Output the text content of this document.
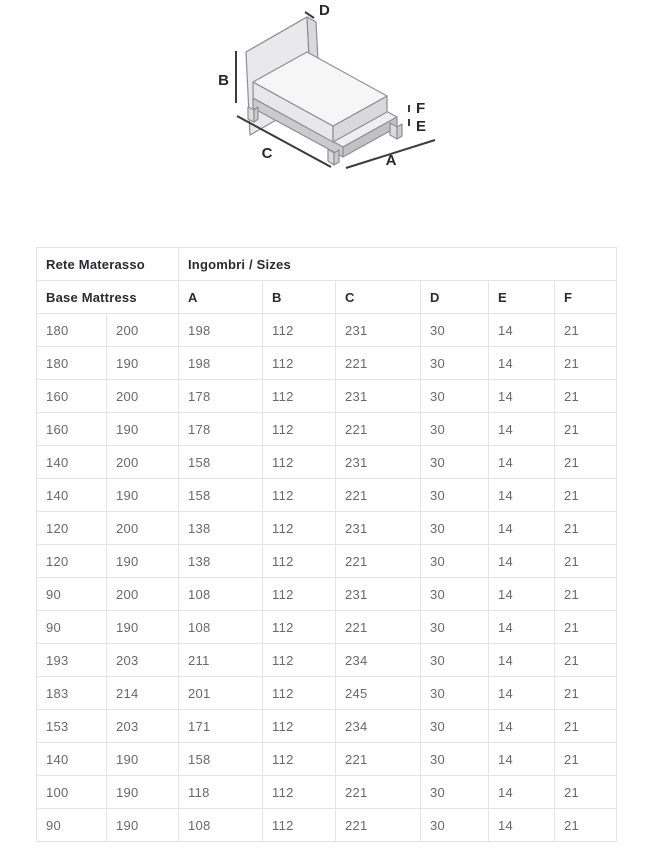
D
B
C	A
F
E
Rete Materasso		Ingombri / Sizes					
Base Mattress		A	B	C	D	E	F
180	200	198	112	231	30	14	21
180	190	198	112	221	30	14	21
160	200	178	112	231	30	14	21
160	190	178	112	221	30	14	21
140	200	158	112	231	30	14	21
140	190	158	112	221	30	14	21
120	200	138	112	231	30	14	21
120	190	138	112	221	30	14	21
90	200	108	112	231	30	14	21
90	190	108	112	221	30	14	21
193	203	211	112	234	30	14	21
183	214	201	112	245	30	14	21
153	203	171	112	234	30	14	21
140	190	158	112	221	30	14	21
100	190	118	112	221	30	14	21
90	190	108	112	221	30	14	21
